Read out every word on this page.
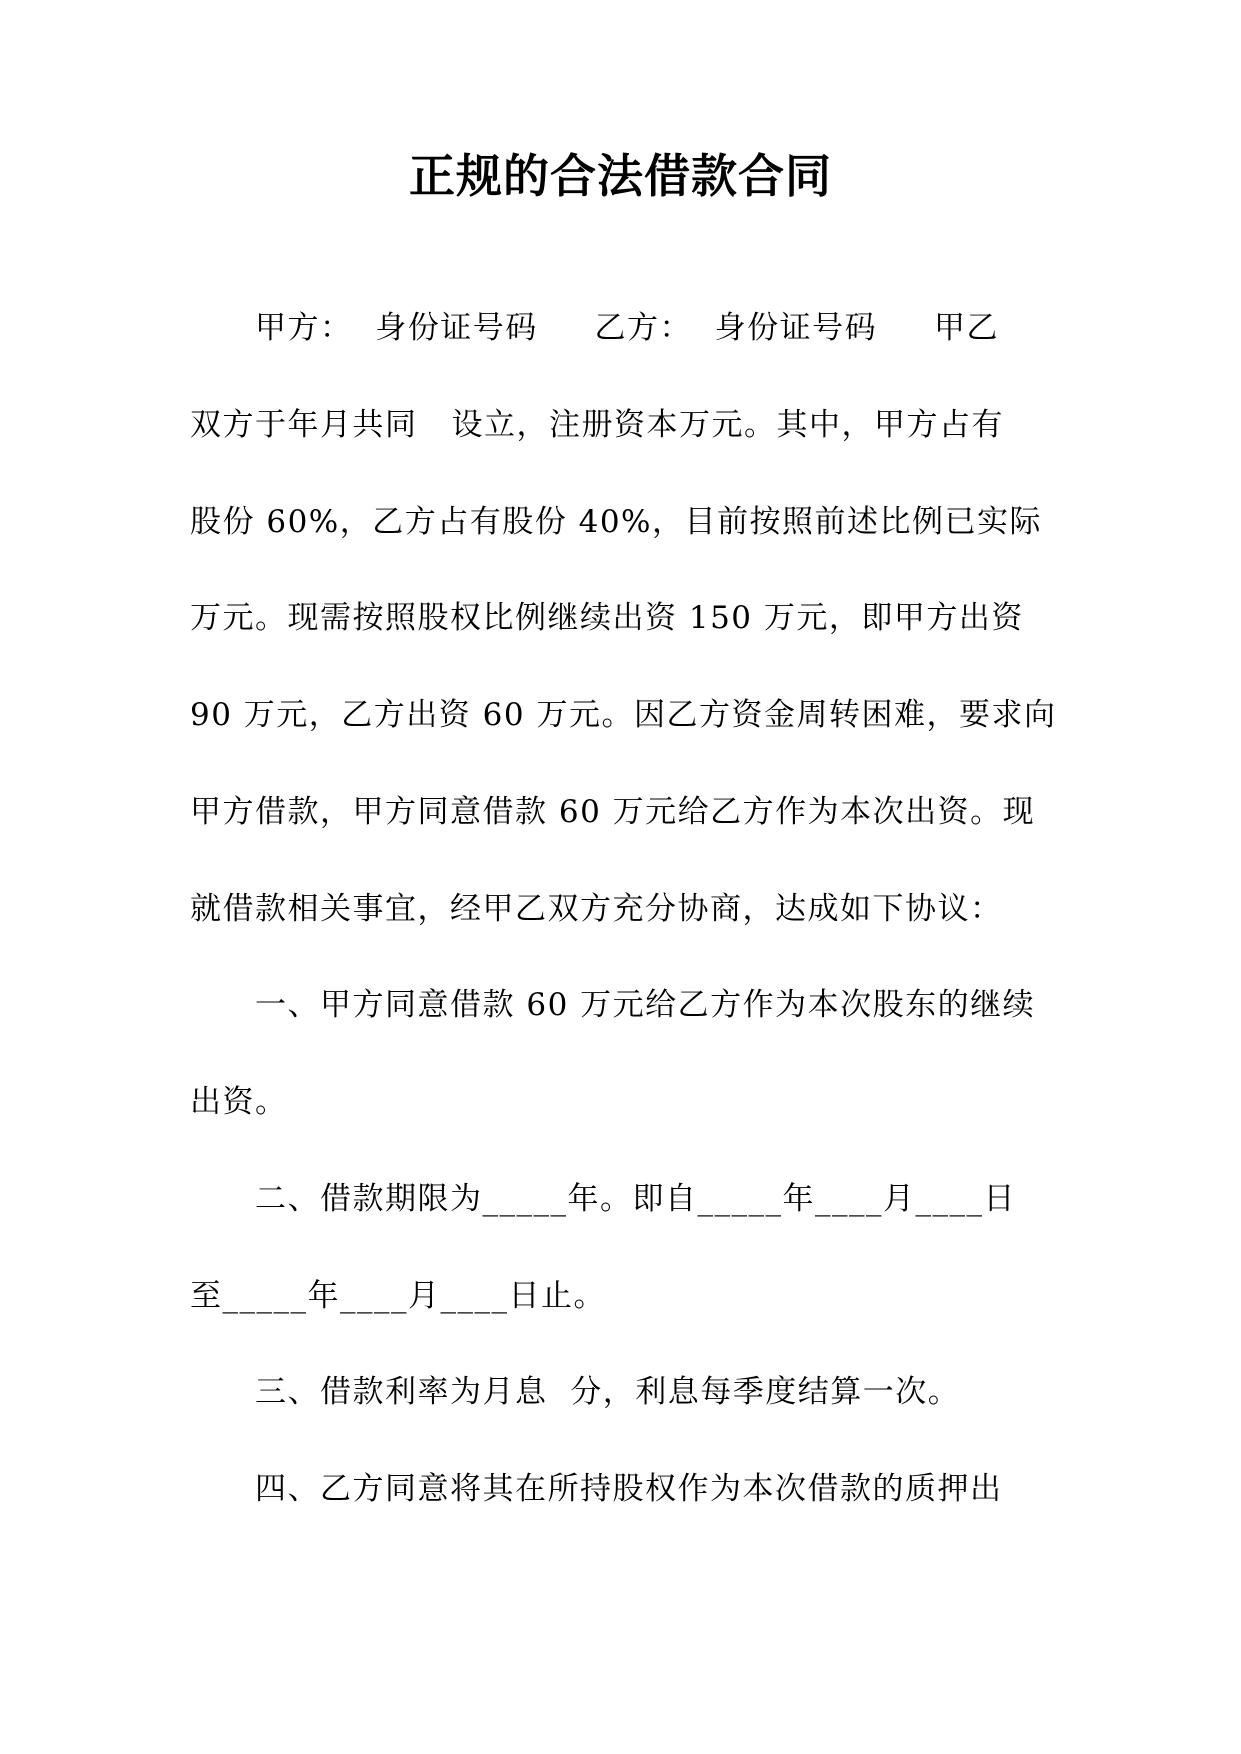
正规的合法借款合同

甲方：  身份证号码     乙方：  身份证号码     甲乙

双方于年月共同   设立，注册资本万元。其中，甲方占有

股份 60%，乙方占有股份 40%，目前按照前述比例已实际

万元。现需按照股权比例继续出资 150 万元，即甲方出资

90 万元，乙方出资 60 万元。因乙方资金周转困难，要求向

甲方借款，甲方同意借款 60 万元给乙方作为本次出资。现

就借款相关事宜，经甲乙双方充分协商，达成如下协议：

一、甲方同意借款 60 万元给乙方作为本次股东的继续

出资。

二、借款期限为_____年。即自_____年____月____日

至_____年____月____日止。

三、借款利率为月息  分，利息每季度结算一次。

四、乙方同意将其在所持股权作为本次借款的质押出
